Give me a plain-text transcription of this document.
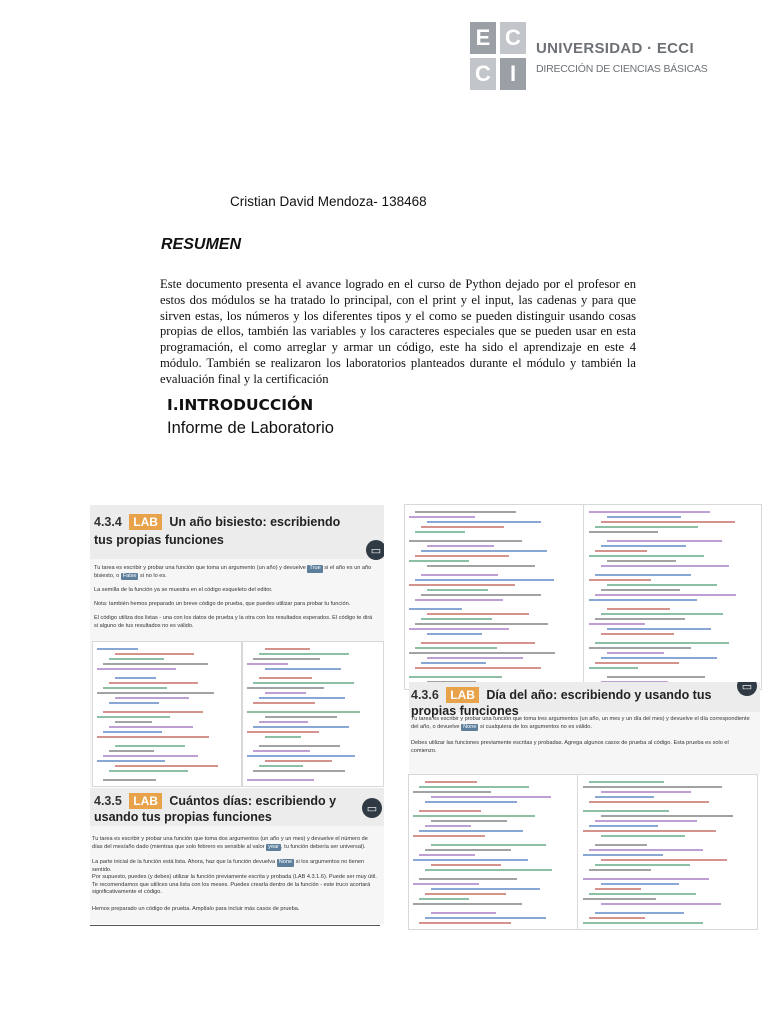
E C
C I
UNIVERSIDAD · ECCI
DIRECCIÓN DE CIENCIAS BÁSICAS
Cristian David Mendoza- 138468
RESUMEN
Este documento presenta el avance logrado en el curso de Python dejado por el profesor en estos dos módulos se ha tratado lo principal, con el print y el input, las cadenas y para que sirven estas, los números y los diferentes tipos y el como se pueden distinguir usando cosas propias de ellos, también las variables y los caracteres especiales que se pueden usar en esta programación, el como arreglar y armar un código, este ha sido el aprendizaje en este 4 módulo. También se realizaron los laboratorios planteados durante el módulo y también la evaluación final y la certificación
I.INTRODUCCIÓN
Informe de Laboratorio
4.3.4 LAB Un año bisiesto: escribiendo tus propias funciones
▭
Tu tarea es escribir y probar una función que toma un argumento (un año) y devuelve True si el año es un año bisiesto, o False si no lo es.
La semilla de la función ya se muestra en el código esqueleto del editor.
Nota: también hemos preparado un breve código de prueba, que puedes utilizar para probar tu función.
El código utiliza dos listas - una con los datos de prueba y la otra con los resultados esperados. El código te dirá si alguno de tus resultados no es válido.
4.3.5 LAB Cuántos días: escribiendo y usando tus propias funciones
▭
Tu tarea es escribir y probar una función que toma dos argumentos (un año y un mes) y devuelve el número de días del mes/año dado (mientras que solo febrero es sensible al valor year , tu función debería ser universal).
La parte inicial de la función está lista. Ahora, haz que la función devuelva None si los argumentos no tienen sentido.
Por supuesto, puedes (y debes) utilizar la función previamente escrita y probada (LAB 4.3.1.6). Puede ser muy útil. Te recomendamos que utilices una lista con los meses. Puedes crearla dentro de la función - este truco acortará significativamente el código.
Hemos preparado un código de prueba. Amplíalo para incluir más casos de prueba.
4.3.6 LAB Día del año: escribiendo y usando tus propias funciones
▭
Tu tarea es escribir y probar una función que toma tres argumentos (un año, un mes y un día del mes) y devuelve el día correspondiente del año, o devuelve None si cualquiera de los argumentos no es válido.
Debes utilizar las funciones previamente escritas y probadas. Agrega algunos casos de prueba al código. Esta prueba es solo el comienzo.
